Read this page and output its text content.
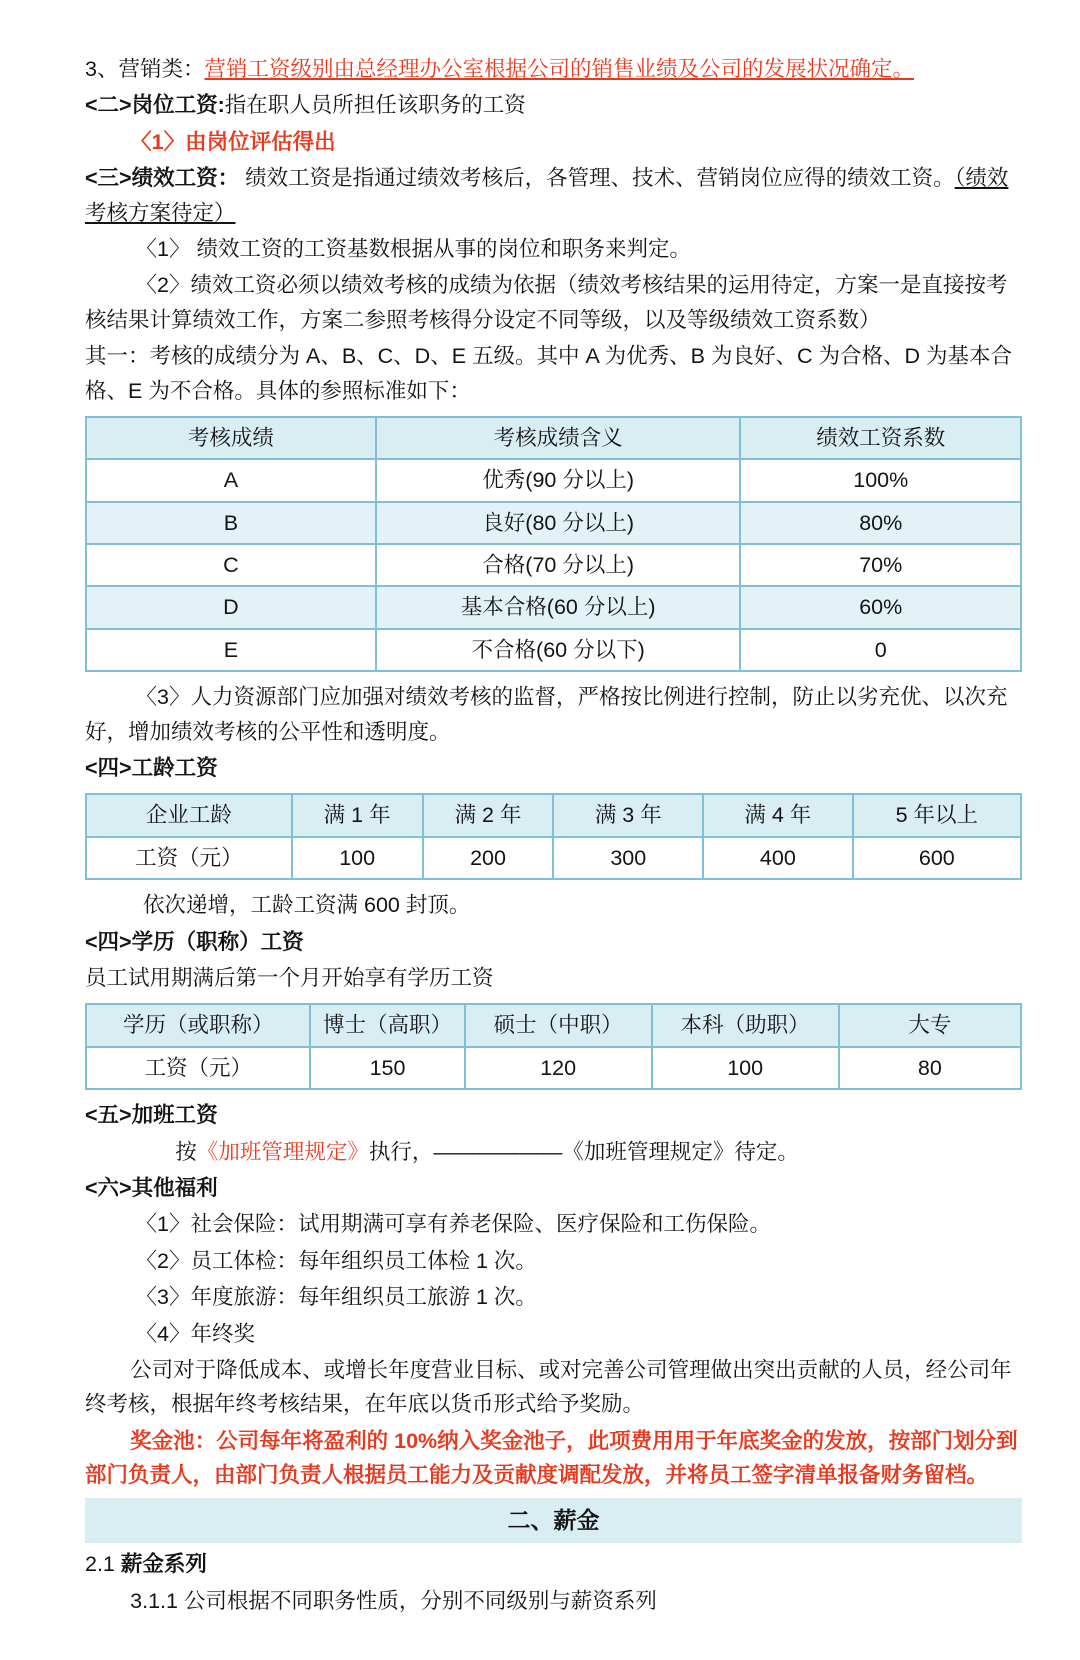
3、营销类：营销工资级别由总经理办公室根据公司的销售业绩及公司的发展状况确定。

<二>岗位工资:指在职人员所担任该职务的工资

〈1〉由岗位评估得出

<三>绩效工资： 绩效工资是指通过绩效考核后，各管理、技术、营销岗位应得的绩效工资。（绩效考核方案待定）

〈1〉 绩效工资的工资基数根据从事的岗位和职务来判定。

〈2〉绩效工资必须以绩效考核的成绩为依据（绩效考核结果的运用待定，方案一是直接按考核结果计算绩效工作，方案二参照考核得分设定不同等级，以及等级绩效工资系数）

其一：考核的成绩分为 A、B、C、D、E 五级。其中 A 为优秀、B 为良好、C 为合格、D 为基本合格、E 为不合格。具体的参照标准如下：

考核成绩	考核成绩含义	绩效工资系数
A	优秀(90 分以上)	100%
B	良好(80 分以上)	80%
C	合格(70 分以上)	70%
D	基本合格(60 分以上)	60%
E	不合格(60 分以下)	0

〈3〉人力资源部门应加强对绩效考核的监督，严格按比例进行控制，防止以劣充优、以次充好，增加绩效考核的公平性和透明度。

<四>工龄工资

企业工龄	满 1 年	满 2 年	满 3 年	满 4 年	5 年以上
工资（元）	100	200	300	400	600

依次递增，工龄工资满 600 封顶。

<四>学历（职称）工资

员工试用期满后第一个月开始享有学历工资

学历（或职称）	博士（高职）	硕士（中职）	本科（助职）	大专
工资（元）	150	120	100	80

<五>加班工资

按《加班管理规定》执行，——————《加班管理规定》待定。

<六>其他福利

〈1〉社会保险：试用期满可享有养老保险、医疗保险和工伤保险。

〈2〉员工体检：每年组织员工体检 1 次。

〈3〉年度旅游：每年组织员工旅游 1 次。

〈4〉年终奖

公司对于降低成本、或增长年度营业目标、或对完善公司管理做出突出贡献的人员，经公司年终考核，根据年终考核结果，在年底以货币形式给予奖励。

奖金池：公司每年将盈利的 10%纳入奖金池子，此项费用用于年底奖金的发放，按部门划分到部门负责人，由部门负责人根据员工能力及贡献度调配发放，并将员工签字清单报备财务留档。

二、薪金

2.1 薪金系列

3.1.1 公司根据不同职务性质，分别不同级别与薪资系列
